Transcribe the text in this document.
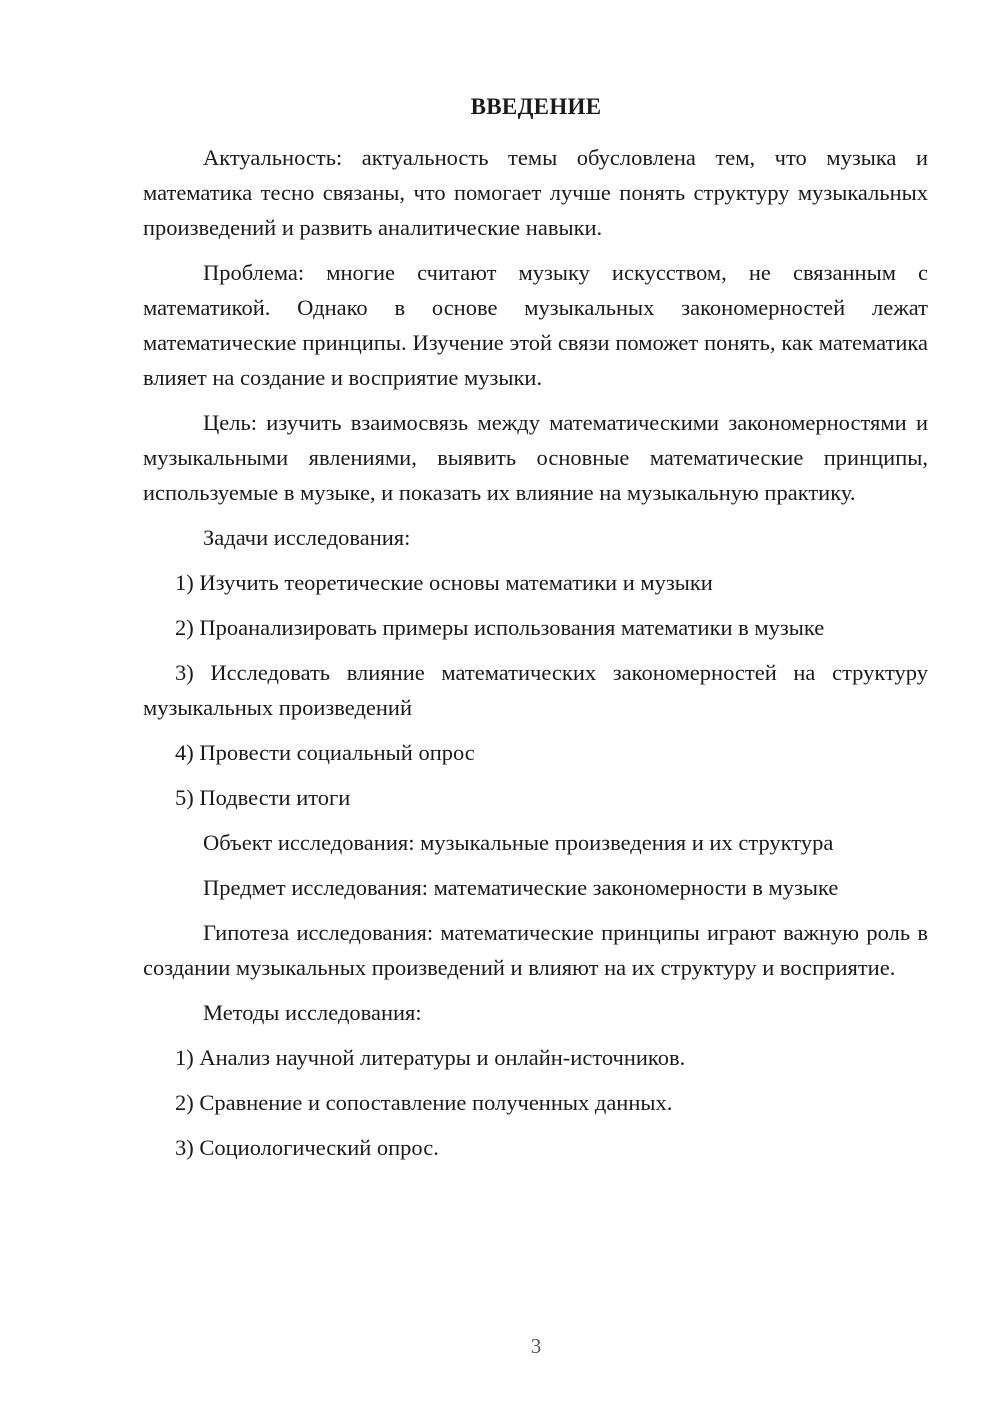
ВВЕДЕНИЕ

Актуальность: актуальность темы обусловлена тем, что музыка и математика тесно связаны, что помогает лучше понять структуру музыкальных произведений и развить аналитические навыки.

Проблема: многие считают музыку искусством, не связанным с математикой. Однако в основе музыкальных закономерностей лежат математические принципы. Изучение этой связи поможет понять, как математика влияет на создание и восприятие музыки.

Цель: изучить взаимосвязь между математическими закономерностями и музыкальными явлениями, выявить основные математические принципы, используемые в музыке, и показать их влияние на музыкальную практику.

Задачи исследования:

1) Изучить теоретические основы математики и музыки

2) Проанализировать примеры использования математики в музыке

3) Исследовать влияние математических закономерностей на структуру музыкальных произведений

4) Провести социальный опрос

5) Подвести итоги

Объект исследования: музыкальные произведения и их структура

Предмет исследования: математические закономерности в музыке

Гипотеза исследования: математические принципы играют важную роль в создании музыкальных произведений и влияют на их структуру и восприятие.

Методы исследования:

1) Анализ научной литературы и онлайн-источников.

2) Сравнение и сопоставление полученных данных.

3) Социологический опрос.

3
